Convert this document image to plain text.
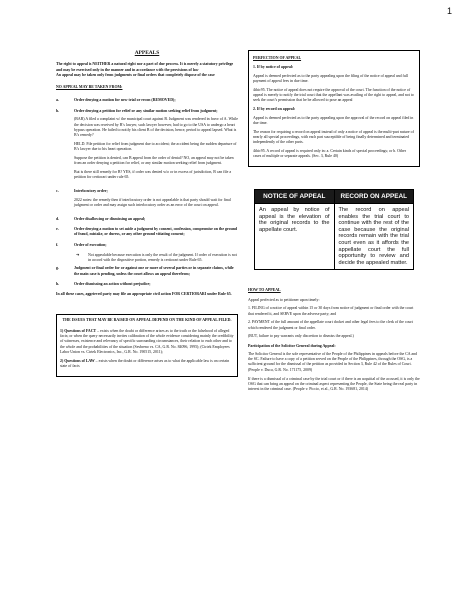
1
APPEALS
The right to appeal is NEITHER a natural right nor a part of due process. It is merely a statutory privilege and may be exercised only in the manner and in accordance with the provisions of law
An appeal may be taken only from judgments or final orders that completely dispose of the case
NO APPEAL MAY BE TAKEN FROM:
a.	Order denying a motion for new trial or recon (REMOVED);
b.	Order denying a petition for relief or any similar motion seeking relief from judgment;
(BAR) A filed a complaint w/ the municipal court against B. Judgment was rendered in favor of A. While the decision was received by B’s lawyer, such lawyer however, had to go to the USA to undergo a heart bypass operation. He failed to notify his client B of the decision, hence, period to appeal lapsed. What is B’s remedy?
HELD. File petition for relief from judgment due to accident; the accident being the sudden departure of B’s lawyer due to his heart operation.
Suppose the petition is denied, can B appeal from the order of denial? NO, an appeal may not be taken from an order denying a petition for relief, or any similar motion seeking relief from judgment.
But is there still remedy for B? YES, if order was denied w/o or in excess of jurisdiction, B can file a petition for certiorari under rule 65.
c.	Interlocutory order;
2022 notes: the remedy then if interlocutory order is not appealable is that party should wait for final judgment or order and may assign such interlocutory order as an error of the court on appeal.
d.	Order disallowing or dismissing an appeal;
e.	Order denying a motion to set aside a judgment by consent, confession, compromise on the ground of fraud, mistake, or duress, or any other ground vitiating consent;
f.	Order of execution;
➔	Not appealable because execution is only the result of the judgment. If order of execution is not in accord with the dispositive portion, remedy is certiorari under Rule 65.
g.	Judgment or final order for or against one or more of several parties or in separate claims, while the main case is pending, unless the court allows an appeal therefrom;
h.	Order dismissing an action without prejudice;
In all these cases, aggrieved party may file an appropriate civil action FOR CERTIORARI under Rule 65.
THE ISSUES THAT MAY BE RAISED ON APPEAL DEPEND ON THE KIND OF APPEAL FILED.
1) Questions of FACT – exists when the doubt or difference arises as to the truth or the falsehood of alleged facts; or when the query necessarily invites calibration of the whole evidence considering mainly the credibility of witnesses, existence and relevancy of specific surrounding circumstances, their relation to each other and to the whole and the probabilities of the situation (Sesbreno vs. CA, G.R. No. 84096, 1995); (Cirtek Employees Labor Union vs. Cirtek Electronics, Inc., G.R. No. 190515, 2011);
2) Questions of LAW – exists when the doubt or difference arises as to what the applicable law is on certain state of facts
PERFECTION OF APPEAL
1. If by notice of appeal:
Appeal is deemed perfected as to the party appealing upon the filing of the notice of appeal and full payment of appeal fees in due time.
4thic95. The notice of appeal does not require the approval of the court. The function of the notice of appeal is merely to notify the trial court that the appellant was availing of the right to appeal, and not to seek the court’s permission that he be allowed to pose an appeal
2. If by record on appeal:
Appeal is deemed perfected as to the party appealing upon the approval of the record on appeal filed in due time.
The reason for requiring a record on appeal instead of only a notice of appeal is the multi-part nature of nearly all special proceedings, with each part susceptible of being finally determined and terminated independently of the other parts.
4thic95. A record of appeal is required only in: a. Certain kinds of special proceedings; or b. Other cases of multiple or separate appeals. (Sec. 3, Rule 40)
NOTICE OF APPEAL	RECORD ON APPEAL
An appeal by notice of appeal is the elevation of the original records to the appellate court.	The record on appeal enables the trial court to continue with the rest of the case because the original records remain with the trial court even as it affords the appellate court the full opportunity to review and decide the appealed matter.
HOW TO APPEAL
Appeal perfected as to petitioner upon timely:
1. FILING of a notice of appeal within 15 or 30 days from notice of judgment or final order with the court that rendered it, and SERVE upon the adverse party; and
2. PAYMENT of the full amount of the appellate court docket and other legal fees to the clerk of the court which rendered the judgment or final order.
(BUT, failure to pay warrants only discretion to dismiss the appeal.)
Participation of the Solicitor General during Appeal:
The Solicitor General is the sole representative of the People of the Philippines in appeals before the CA and the SC. Failure to have a copy of a petition served on the People of the Philippines, through the OSG, is a sufficient ground for the dismissal of the petition as provided in Section 3, Rule 42 of the Rules of Court. (People v. Duca, G.R. No. 171175, 2009)
If there is a dismissal of a criminal case by the trial court or if there is an acquittal of the accused, it is only the OSG that can bring an appeal on the criminal aspect representing the People, the State being the real party in interest in the criminal case. (People v. Piccio, et al., G.R. No. 193681, 2014)
